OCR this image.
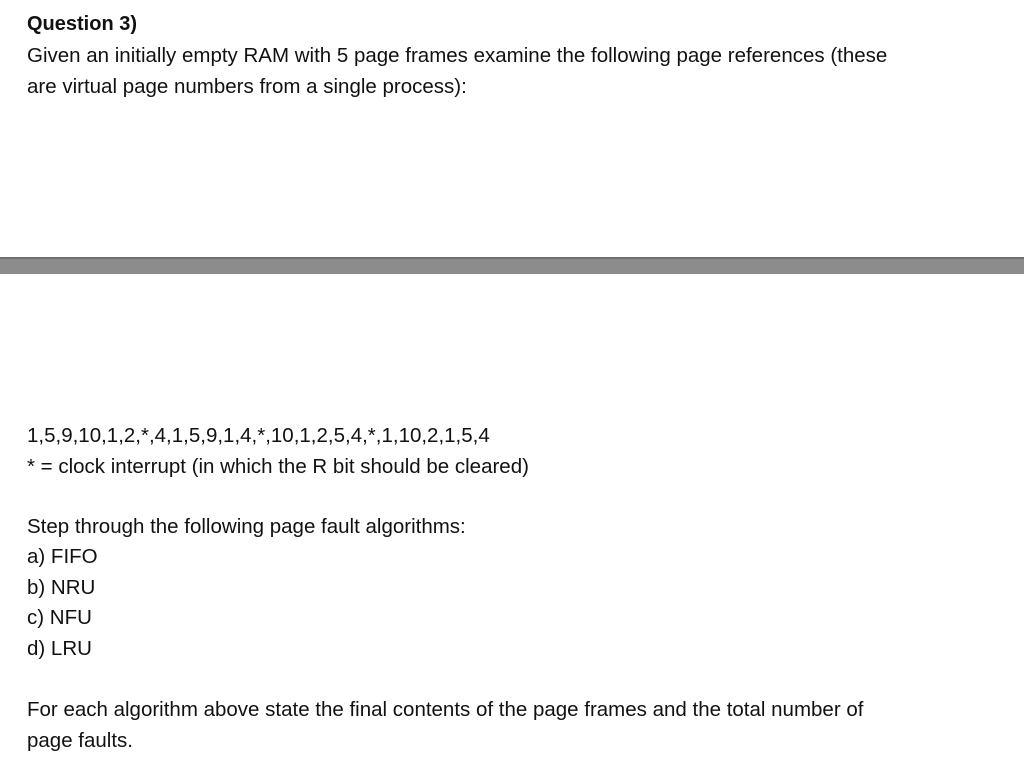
Question 3)
Given an initially empty RAM with 5 page frames examine the following page references (these
are virtual page numbers from a single process):
1,5,9,10,1,2,*,4,1,5,9,1,4,*,10,1,2,5,4,*,1,10,2,1,5,4
* = clock interrupt (in which the R bit should be cleared)
Step through the following page fault algorithms:
a) FIFO
b) NRU
c) NFU
d) LRU
For each algorithm above state the final contents of the page frames and the total number of
page faults.
